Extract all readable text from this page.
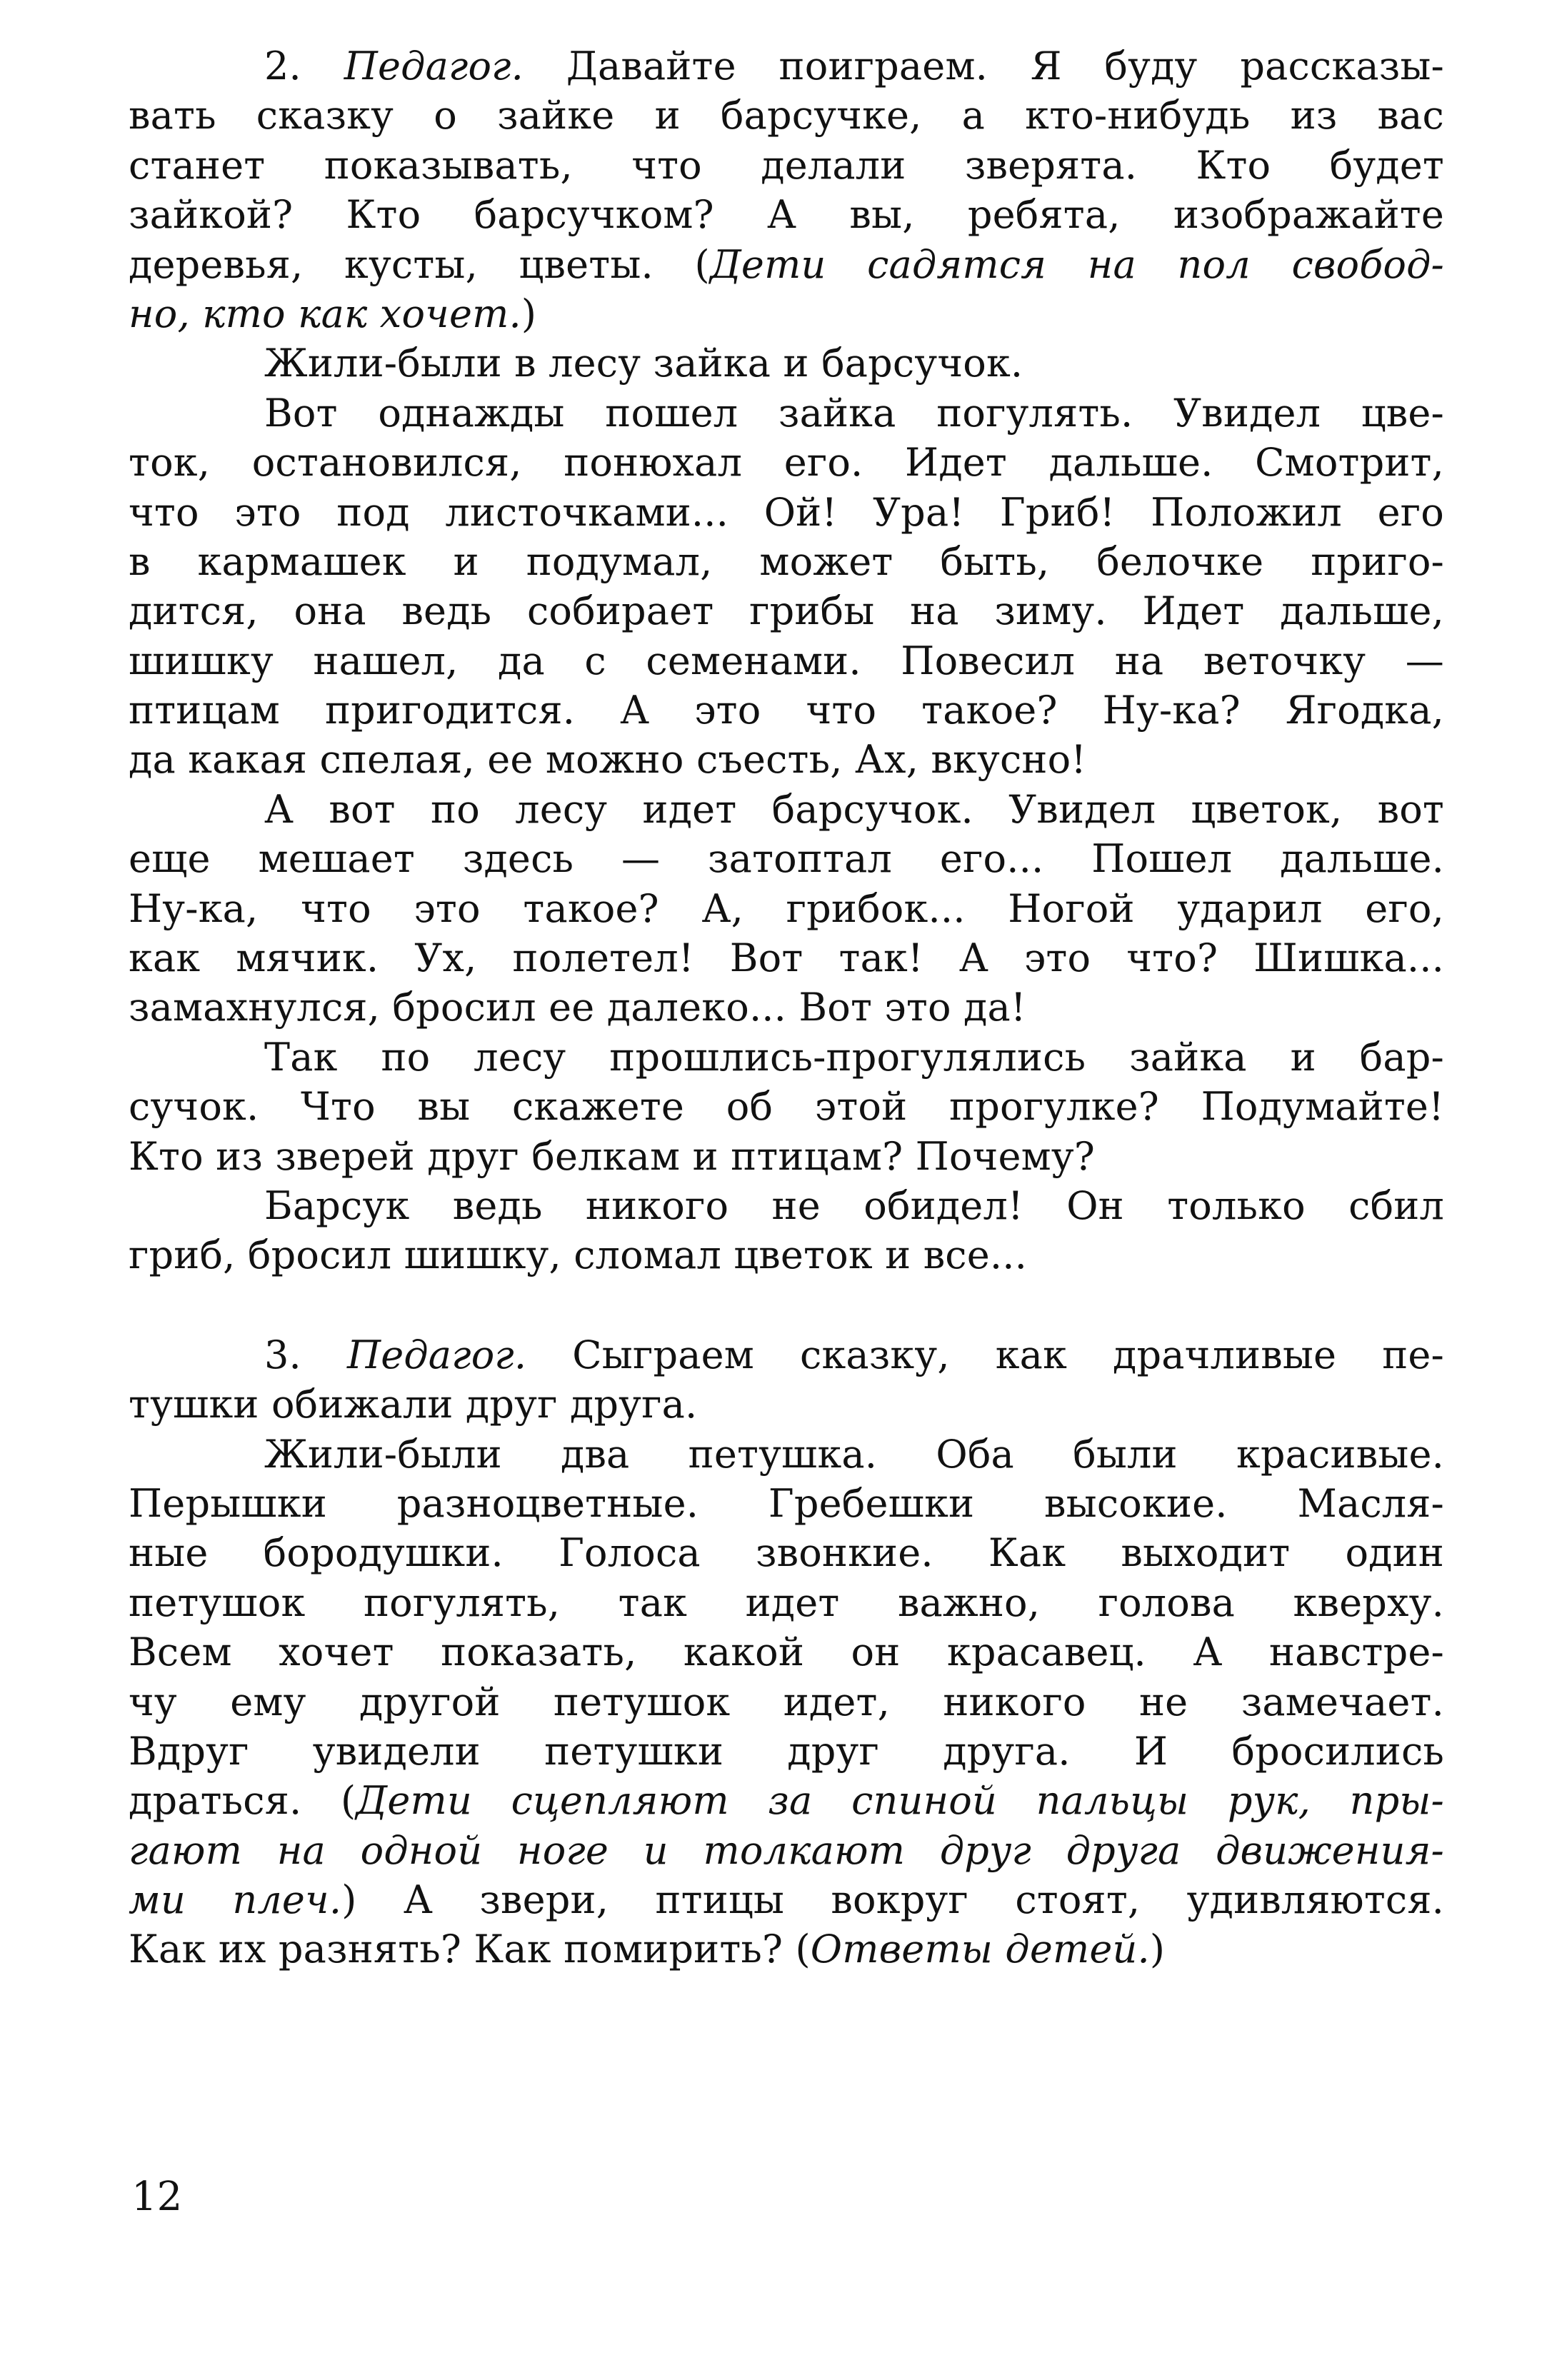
2. Педагог. Давайте поиграем. Я буду рассказы-
вать сказку о зайке и барсучке, а кто-нибудь из вас
станет показывать, что делали зверята. Кто будет
зайкой? Кто барсучком? А вы, ребята, изображайте
деревья, кусты, цветы. (Дети садятся на пол свобод-
но, кто как хочет.)
Жили-были в лесу зайка и барсучок.
Вот однажды пошел зайка погулять. Увидел цве-
ток, остановился, понюхал его. Идет дальше. Смотрит,
что это под листочками... Ой! Ура! Гриб! Положил его
в кармашек и подумал, может быть, белочке приго-
дится, она ведь собирает грибы на зиму. Идет дальше,
шишку нашел, да с семенами. Повесил на веточку —
птицам пригодится. А это что такое? Ну-ка? Ягодка,
да какая спелая, ее можно съесть, Ах, вкусно!
А вот по лесу идет барсучок. Увидел цветок, вот
еще мешает здесь — затоптал его... Пошел дальше.
Ну-ка, что это такое? А, грибок... Ногой ударил его,
как мячик. Ух, полетел! Вот так! А это что? Шишка...
замахнулся, бросил ее далеко... Вот это да!
Так по лесу прошлись-прогулялись зайка и бар-
сучок. Что вы скажете об этой прогулке? Подумайте!
Кто из зверей друг белкам и птицам? Почему?
Барсук ведь никого не обидел! Он только сбил
гриб, бросил шишку, сломал цветок и все...
3. Педагог. Сыграем сказку, как драчливые пе-
тушки обижали друг друга.
Жили-были два петушка. Оба были красивые.
Перышки разноцветные. Гребешки высокие. Масля-
ные бородушки. Голоса звонкие. Как выходит один
петушок погулять, так идет важно, голова кверху.
Всем хочет показать, какой он красавец. А навстре-
чу ему другой петушок идет, никого не замечает.
Вдруг увидели петушки друг друга. И бросились
драться. (Дети сцепляют за спиной пальцы рук, пры-
гают на одной ноге и толкают друг друга движения-
ми плеч.) А звери, птицы вокруг стоят, удивляются.
Как их разнять? Как помирить? (Ответы детей.)
12
